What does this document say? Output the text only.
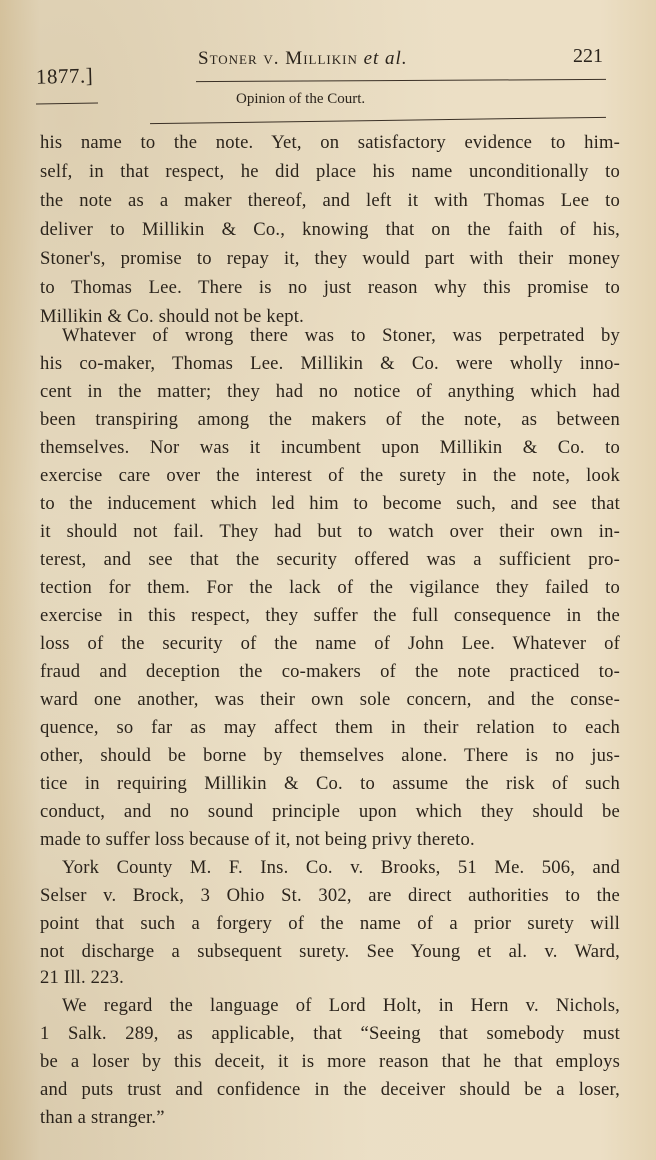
1877.]
Stoner v. Millikin et al.	221
Opinion of the Court.
his name to the note. Yet, on satisfactory evidence to him-
self, in that respect, he did place his name unconditionally to
the note as a maker thereof, and left it with Thomas Lee to
deliver to Millikin & Co., knowing that on the faith of his,
Stoner's, promise to repay it, they would part with their money
to Thomas Lee. There is no just reason why this promise to
Millikin & Co. should not be kept.
Whatever of wrong there was to Stoner, was perpetrated by
his co-maker, Thomas Lee. Millikin & Co. were wholly inno-
cent in the matter; they had no notice of anything which had
been transpiring among the makers of the note, as between
themselves. Nor was it incumbent upon Millikin & Co. to
exercise care over the interest of the surety in the note, look
to the inducement which led him to become such, and see that
it should not fail. They had but to watch over their own in-
terest, and see that the security offered was a sufficient pro-
tection for them. For the lack of the vigilance they failed to
exercise in this respect, they suffer the full consequence in the
loss of the security of the name of John Lee. Whatever of
fraud and deception the co-makers of the note practiced to-
ward one another, was their own sole concern, and the conse-
quence, so far as may affect them in their relation to each
other, should be borne by themselves alone. There is no jus-
tice in requiring Millikin & Co. to assume the risk of such
conduct, and no sound principle upon which they should be
made to suffer loss because of it, not being privy thereto.
York County M. F. Ins. Co. v. Brooks, 51 Me. 506, and
Selser v. Brock, 3 Ohio St. 302, are direct authorities to the
point that such a forgery of the name of a prior surety will
not discharge a subsequent surety. See Young et al. v. Ward,
21 Ill. 223.
We regard the language of Lord Holt, in Hern v. Nichols,
1 Salk. 289, as applicable, that “Seeing that somebody must
be a loser by this deceit, it is more reason that he that employs
and puts trust and confidence in the deceiver should be a loser,
than a stranger.”
